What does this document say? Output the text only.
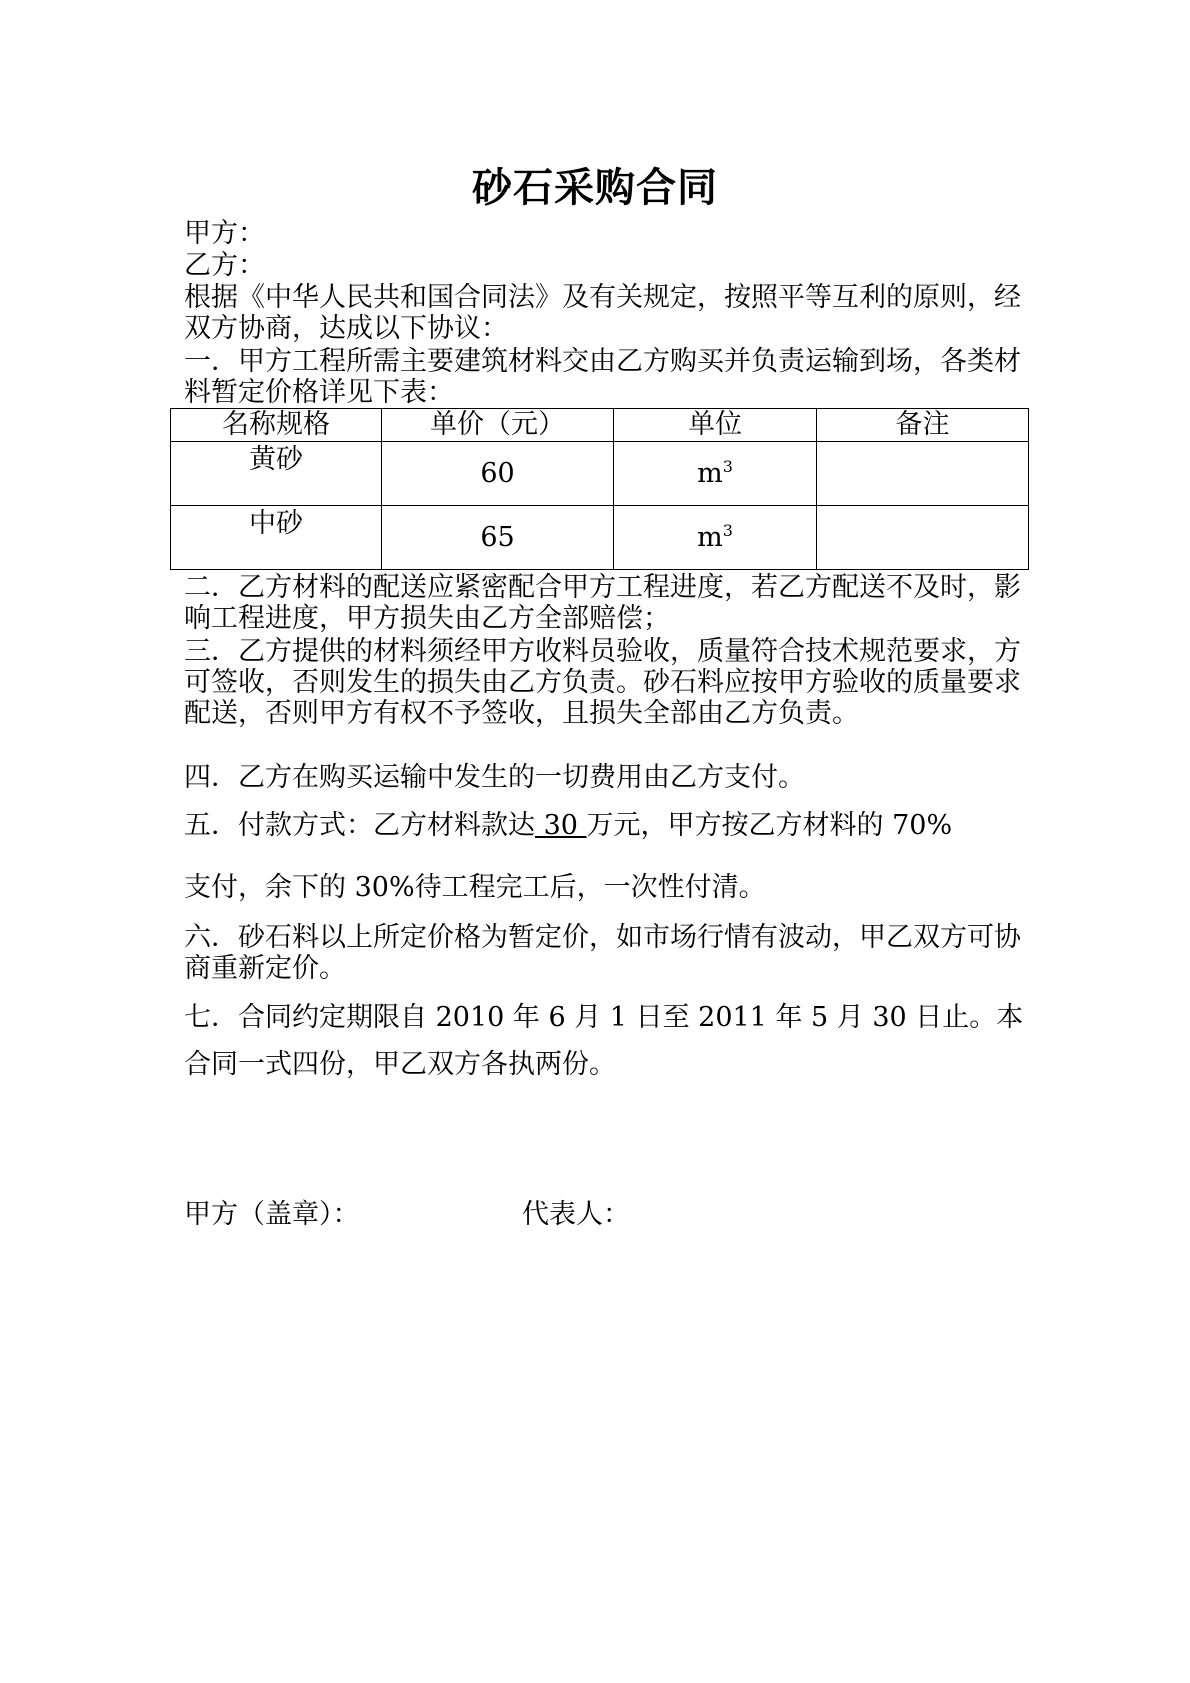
砂石采购合同
甲方：
乙方：
根据《中华人民共和国合同法》及有关规定，按照平等互利的原则，经双方协商，达成以下协议：
一．甲方工程所需主要建筑材料交由乙方购买并负责运输到场，各类材料暂定价格详见下表：
名称规格	单价（元）	单位	备注
黄砂	60	$m^3$	
中砂	65	$m^3$	
二．乙方材料的配送应紧密配合甲方工程进度，若乙方配送不及时，影响工程进度，甲方损失由乙方全部赔偿；
三．乙方提供的材料须经甲方收料员验收，质量符合技术规范要求，方可签收，否则发生的损失由乙方负责。砂石料应按甲方验收的质量要求配送，否则甲方有权不予签收，且损失全部由乙方负责。
四．乙方在购买运输中发生的一切费用由乙方支付。
五．付款方式：乙方材料款达 30 万元，甲方按乙方材料的 70%
支付，余下的 30%待工程完工后，一次性付清。
六．砂石料以上所定价格为暂定价，如市场行情有波动，甲乙双方可协商重新定价。
七．合同约定期限自 2010 年 6 月 1 日至 2011 年 5 月 30 日止。本
合同一式四份，甲乙双方各执两份。
甲方（盖章）：	代表人：
